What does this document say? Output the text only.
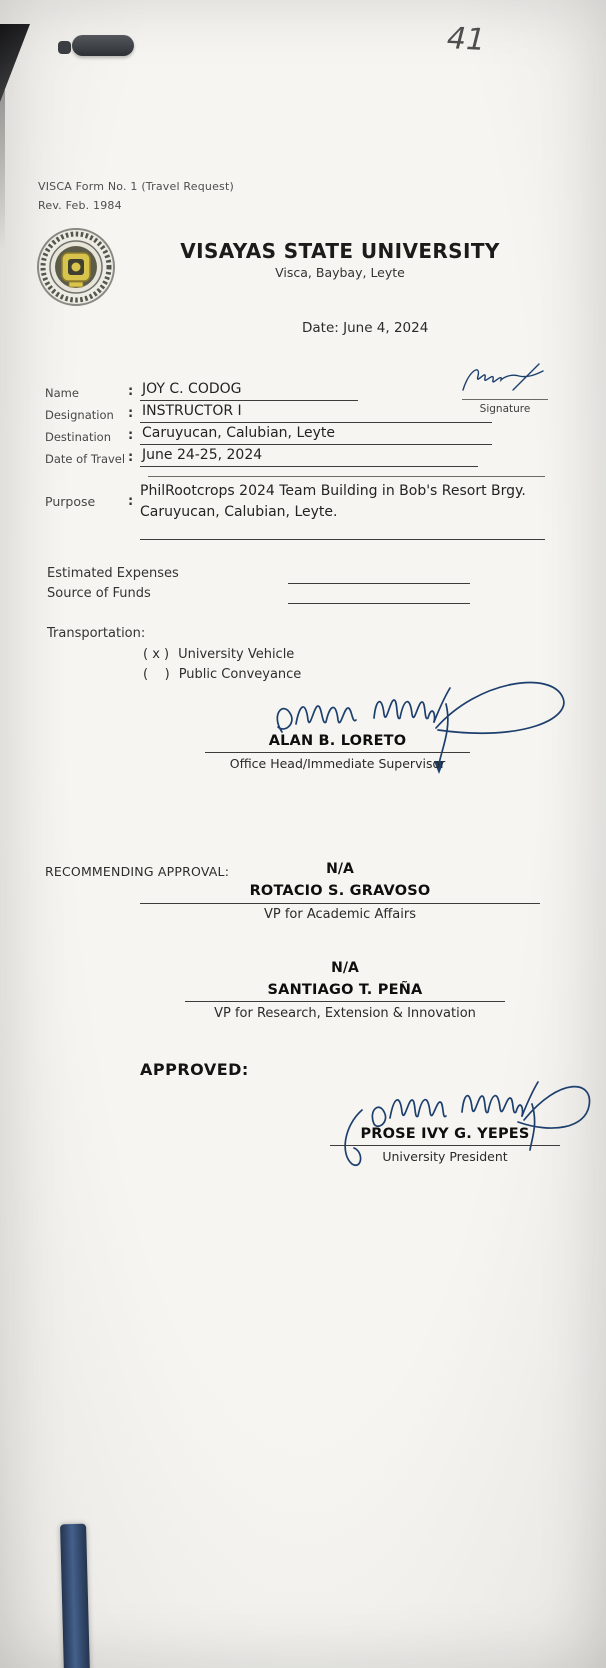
41
VISCA Form No. 1 (Travel Request)
Rev. Feb. 1984
VISAYAS STATE UNIVERSITY
Visca, Baybay, Leyte
Date: June 4, 2024
Name	: JOY C. CODOG
Designation : INSTRUCTOR I
Destination : Caruyucan, Calubian, Leyte
Date of Travel : June 24-25, 2024
Signature
Purpose	:
PhilRootcrops 2024 Team Building in Bob's Resort Brgy. Caruyucan, Calubian, Leyte.
Estimated Expenses
Source of Funds
Transportation:
( x ) University Vehicle
(    ) Public Conveyance
ALAN B. LORETO
Office Head/Immediate Supervisor
RECOMMENDING APPROVAL:	N/A
ROTACIO S. GRAVOSO
VP for Academic Affairs
N/A
SANTIAGO T. PEÑA
VP for Research, Extension & Innovation
APPROVED:
PROSE IVY G. YEPES
University President
